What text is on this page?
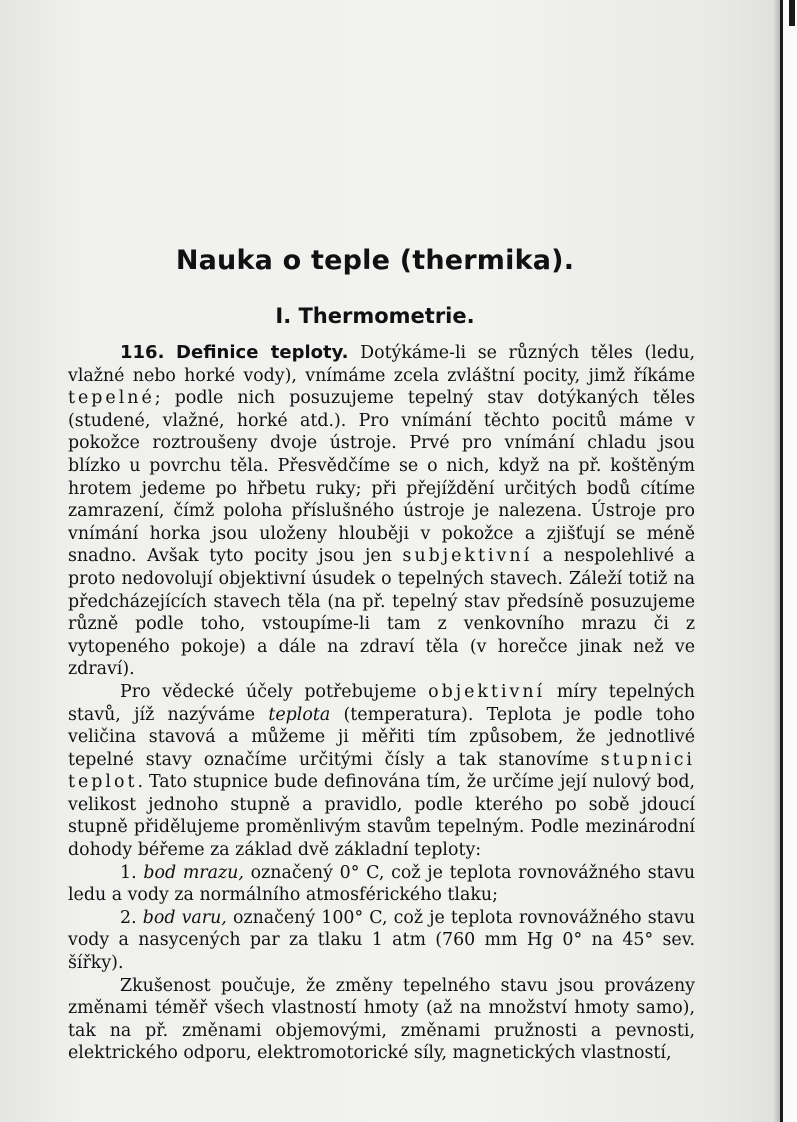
Nauka o teple (thermika).
I. Thermometrie.

116. Definice teploty. Dotýkáme-li se různých těles (ledu, vlažné nebo horké vody), vnímáme zcela zvláštní pocity, jimž říkáme tepelné; podle nich posuzujeme tepelný stav dotýkaných těles (studené, vlažné, horké atd.). Pro vnímání těchto pocitů máme v pokožce roztroušeny dvoje ústroje. Prvé pro vnímání chladu jsou blízko u povrchu těla. Přesvědčíme se o nich, když na př. koštěným hrotem jedeme po hřbetu ruky; při přejíždění určitých bodů cítíme zamrazení, čímž poloha příslušného ústroje je nalezena. Ústroje pro vnímání horka jsou uloženy hlouběji v pokožce a zjišťují se méně snadno. Avšak tyto pocity jsou jen subjektivní a nespolehlivé a proto nedovolují objektivní úsudek o tepelných stavech. Záleží totiž na předcházejících stavech těla (na př. tepelný stav předsíně posuzujeme různě podle toho, vstoupíme-li tam z venkovního mrazu či z vytopeného pokoje) a dále na zdraví těla (v horečce jinak než ve zdraví).

Pro vědecké účely potřebujeme objektivní míry tepelných stavů, jíž nazýváme teplota (temperatura). Teplota je podle toho veličina stavová a můžeme ji měřiti tím způsobem, že jednotlivé tepelné stavy označíme určitými čísly a tak stanovíme stupnici teplot. Tato stupnice bude definována tím, že určíme její nulový bod, velikost jednoho stupně a pravidlo, podle kterého po sobě jdoucí stupně přidělujeme proměnlivým stavům tepelným. Podle mezinárodní dohody béřeme za základ dvě základní teploty:

1. bod mrazu, označený 0° C, což je teplota rovnovážného stavu ledu a vody za normálního atmosférického tlaku;

2. bod varu, označený 100° C, což je teplota rovnovážného stavu vody a nasycených par za tlaku 1 atm (760 mm Hg 0° na 45° sev. šířky).

Zkušenost poučuje, že změny tepelného stavu jsou provázeny změnami téměř všech vlastností hmoty (až na množství hmoty samo), tak na př. změnami objemovými, změnami pružnosti a pevnosti, elektrického odporu, elektromotorické síly, magnetických vlastností,
